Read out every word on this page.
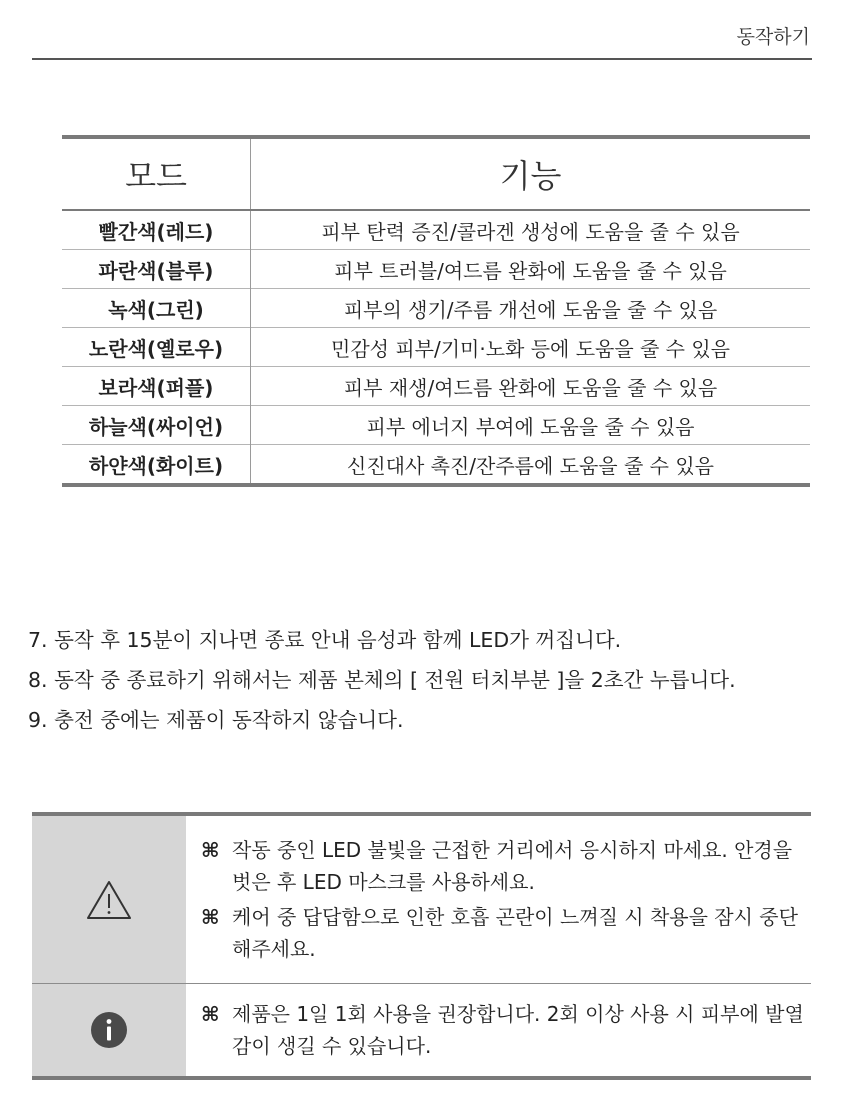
동작하기
모드	기능
빨간색(레드)	피부 탄력 증진/콜라겐 생성에 도움을 줄 수 있음
파란색(블루)	피부 트러블/여드름 완화에 도움을 줄 수 있음
녹색(그린)	피부의 생기/주름 개선에 도움을 줄 수 있음
노란색(옐로우)	민감성 피부/기미·노화 등에 도움을 줄 수 있음
보라색(퍼플)	피부 재생/여드름 완화에 도움을 줄 수 있음
하늘색(싸이언)	피부 에너지 부여에 도움을 줄 수 있음
하얀색(화이트)	신진대사 촉진/잔주름에 도움을 줄 수 있음
7. 동작 후 15분이 지나면 종료 안내 음성과 함께 LED가 꺼집니다.
8. 동작 중 종료하기 위해서는 제품 본체의 [ 전원 터치부분 ]을 2초간 누릅니다.
9. 충전 중에는 제품이 동작하지 않습니다.

⌘ 작동 중인 LED 불빛을 근접한 거리에서 응시하지 마세요. 안경을 벗은 후 LED 마스크를 사용하세요.
⌘ 케어 중 답답함으로 인한 호흡 곤란이 느껴질 시 착용을 잠시 중단해주세요.

⌘ 제품은 1일 1회 사용을 권장합니다. 2회 이상 사용 시 피부에 발열감이 생길 수 있습니다.
